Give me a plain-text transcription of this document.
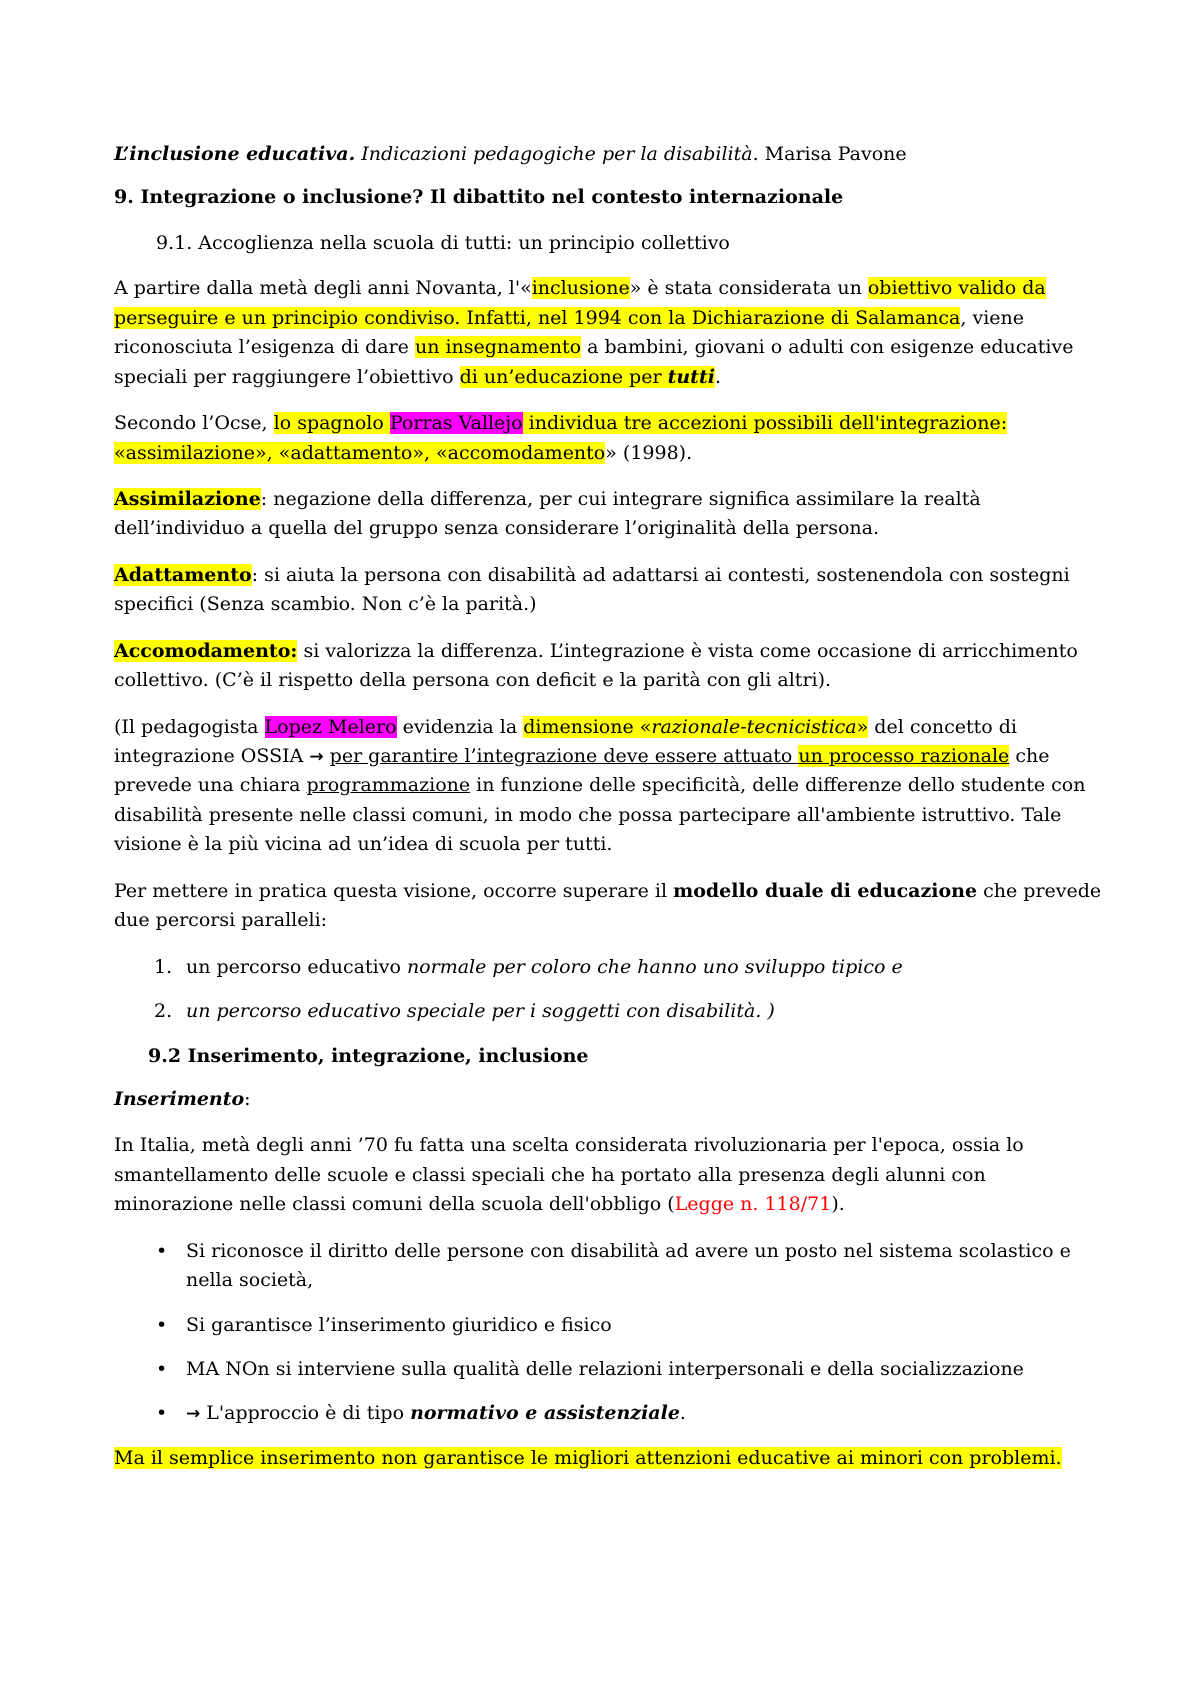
L’inclusione educativa. Indicazioni pedagogiche per la disabilità. Marisa Pavone

9. Integrazione o inclusione? Il dibattito nel contesto internazionale

9.1. Accoglienza nella scuola di tutti: un principio collettivo

A partire dalla metà degli anni Novanta, l'«inclusione» è stata considerata un obiettivo valido da perseguire e un principio condiviso. Infatti, nel 1994 con la Dichiarazione di Salamanca, viene riconosciuta l’esigenza di dare un insegnamento a bambini, giovani o adulti con esigenze educative speciali per raggiungere l’obiettivo di un’educazione per tutti.

Secondo l’Ocse, lo spagnolo Porras Vallejo individua tre accezioni possibili dell'integrazione: «assimilazione», «adattamento», «accomodamento» (1998).

Assimilazione: negazione della differenza, per cui integrare significa assimilare la realtà dell’individuo a quella del gruppo senza considerare l’originalità della persona.

Adattamento: si aiuta la persona con disabilità ad adattarsi ai contesti, sostenendola con sostegni specifici (Senza scambio. Non c’è la parità.)

Accomodamento: si valorizza la differenza. L’integrazione è vista come occasione di arricchimento collettivo. (C’è il rispetto della persona con deficit e la parità con gli altri).

(Il pedagogista Lopez Melero evidenzia la dimensione «razionale-tecnicistica» del concetto di integrazione OSSIA → per garantire l’integrazione deve essere attuato un processo razionale che prevede una chiara programmazione in funzione delle specificità, delle differenze dello studente con disabilità presente nelle classi comuni, in modo che possa partecipare all'ambiente istruttivo. Tale visione è la più vicina ad un’idea di scuola per tutti.

Per mettere in pratica questa visione, occorre superare il modello duale di educazione che prevede due percorsi paralleli:

1. un percorso educativo normale per coloro che hanno uno sviluppo tipico e
2. un percorso educativo speciale per i soggetti con disabilità. )

9.2 Inserimento, integrazione, inclusione

Inserimento:

In Italia, metà degli anni ’70 fu fatta una scelta considerata rivoluzionaria per l'epoca, ossia lo smantellamento delle scuole e classi speciali che ha portato alla presenza degli alunni con minorazione nelle classi comuni della scuola dell'obbligo (Legge n. 118/71).

• Si riconosce il diritto delle persone con disabilità ad avere un posto nel sistema scolastico e nella società,
• Si garantisce l’inserimento giuridico e fisico
• MA NOn si interviene sulla qualità delle relazioni interpersonali e della socializzazione
• → L'approccio è di tipo normativo e assistenziale.

Ma il semplice inserimento non garantisce le migliori attenzioni educative ai minori con problemi.
